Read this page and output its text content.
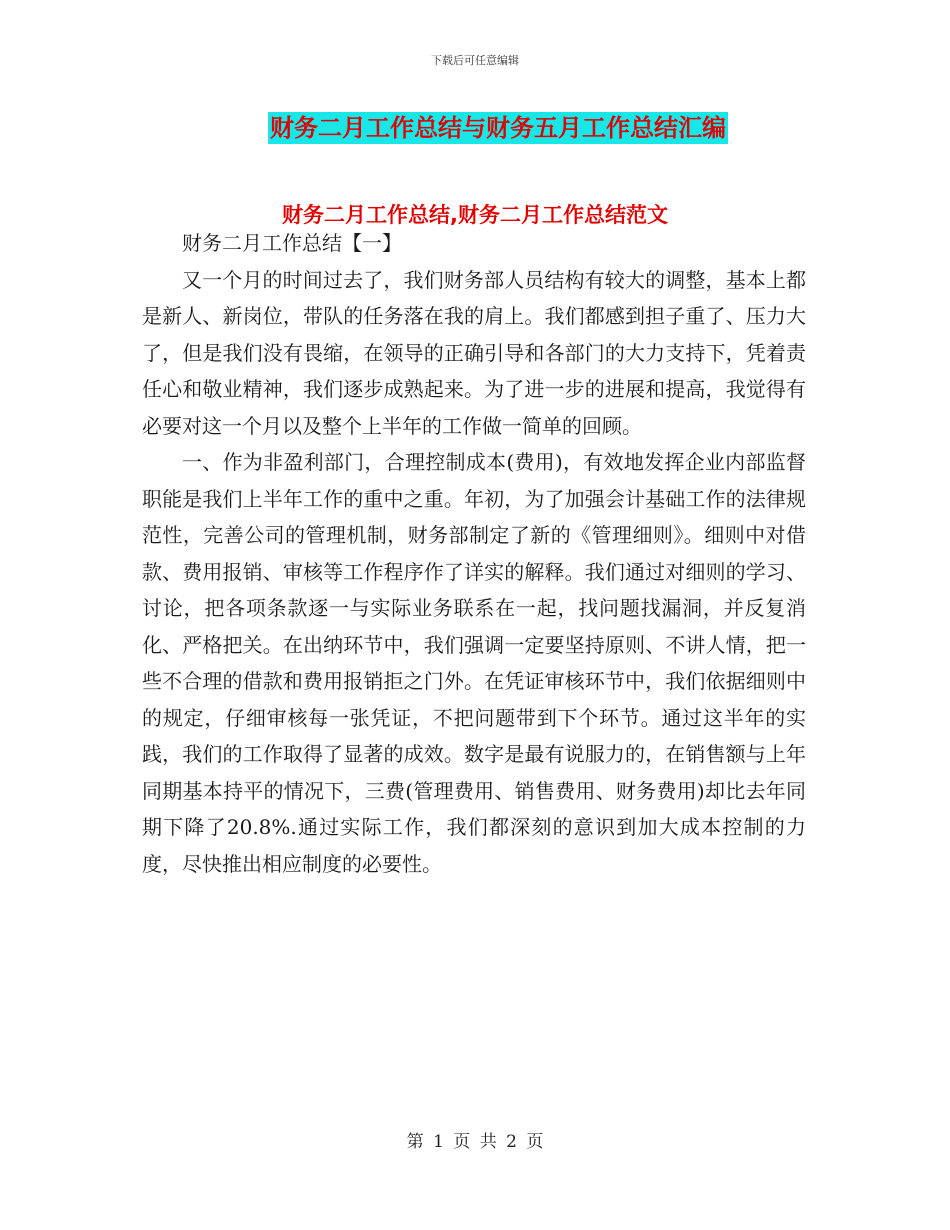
下载后可任意编辑
财务二月工作总结与财务五月工作总结汇编
财务二月工作总结,财务二月工作总结范文

财务二月工作总结【一】

又一个月的时间过去了，我们财务部人员结构有较大的调整，基本上都是新人、新岗位，带队的任务落在我的肩上。我们都感到担子重了、压力大了，但是我们没有畏缩，在领导的正确引导和各部门的大力支持下，凭着责任心和敬业精神，我们逐步成熟起来。为了进一步的进展和提高，我觉得有必要对这一个月以及整个上半年的工作做一简单的回顾。

一、作为非盈利部门，合理控制成本(费用)，有效地发挥企业内部监督职能是我们上半年工作的重中之重。年初，为了加强会计基础工作的法律规范性，完善公司的管理机制，财务部制定了新的《管理细则》。细则中对借款、费用报销、审核等工作程序作了详实的解释。我们通过对细则的学习、讨论，把各项条款逐一与实际业务联系在一起，找问题找漏洞，并反复消化、严格把关。在出纳环节中，我们强调一定要坚持原则、不讲人情，把一些不合理的借款和费用报销拒之门外。在凭证审核环节中，我们依据细则中的规定，仔细审核每一张凭证，不把问题带到下个环节。通过这半年的实践，我们的工作取得了显著的成效。数字是最有说服力的，在销售额与上年同期基本持平的情况下，三费(管理费用、销售费用、财务费用)却比去年同期下降了20.8%.通过实际工作，我们都深刻的意识到加大成本控制的力度，尽快推出相应制度的必要性。

第 1 页 共 2 页
